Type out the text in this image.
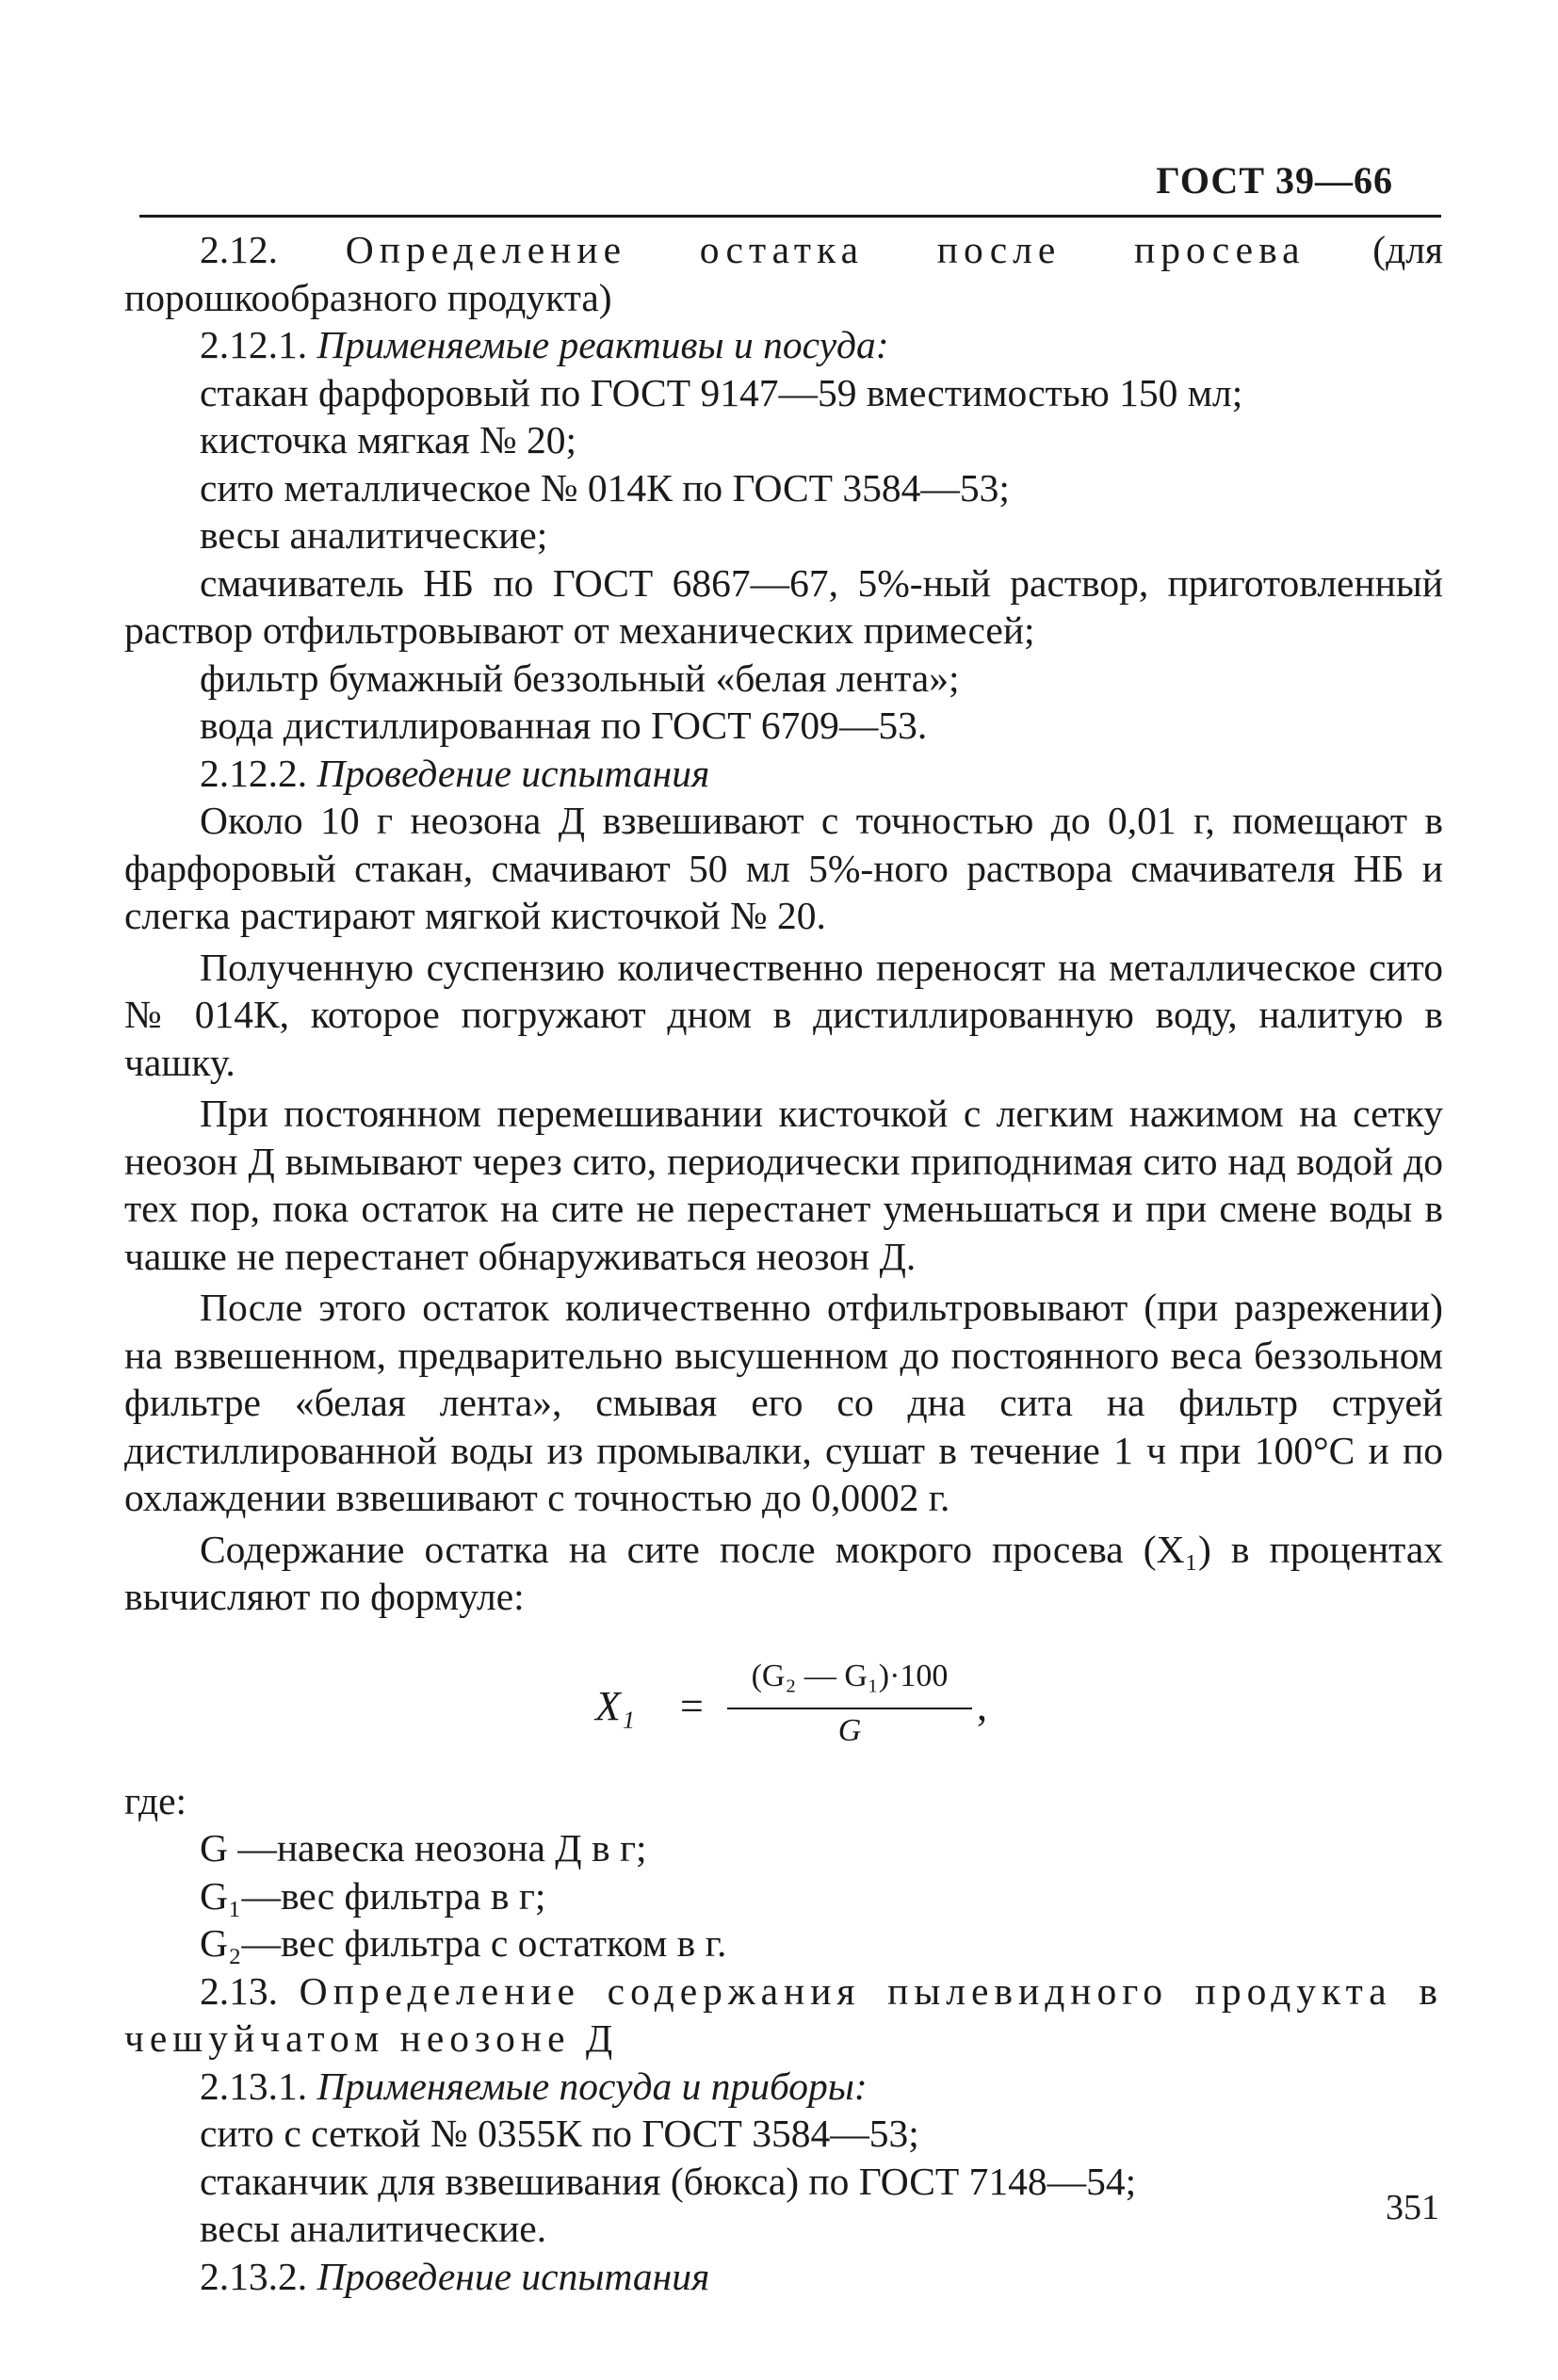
ГОСТ 39—66

2.12. Определение остатка после просева (для порошкообразного продукта)

2.12.1. Применяемые реактивы и посуда:

стакан фарфоровый по ГОСТ 9147—59 вместимостью 150 мл;

кисточка мягкая № 20;

сито металлическое № 014К по ГОСТ 3584—53;

весы аналитические;

смачиватель НБ по ГОСТ 6867—67, 5%-ный раствор, приготовленный раствор отфильтровывают от механических примесей;

фильтр бумажный беззольный «белая лента»;

вода дистиллированная по ГОСТ 6709—53.

2.12.2. Проведение испытания

Около 10 г неозона Д взвешивают с точностью до 0,01 г, помещают в фарфоровый стакан, смачивают 50 мл 5%-ного раствора смачивателя НБ и слегка растирают мягкой кисточкой № 20.

Полученную суспензию количественно переносят на металлическое сито № 014К, которое погружают дном в дистиллированную воду, налитую в чашку.

При постоянном перемешивании кисточкой с легким нажимом на сетку неозон Д вымывают через сито, периодически приподнимая сито над водой до тех пор, пока остаток на сите не перестанет уменьшаться и при смене воды в чашке не перестанет обнаруживаться неозон Д.

После этого остаток количественно отфильтровывают (при разрежении) на взвешенном, предварительно высушенном до постоянного веса беззольном фильтре «белая лента», смывая его со дна сита на фильтр струей дистиллированной воды из промывалки, сушат в течение 1 ч при 100°С и по охлаждении взвешивают с точностью до 0,0002 г.

Содержание остатка на сите после мокрого просева (X₁) в процентах вычисляют по формуле:

X₁ =
(G₂ — G₁)·100
G
,

где:

G —навеска неозона Д в г;

G₁—вес фильтра в г;

G₂—вес фильтра с остатком в г.

2.13. Определение содержания пылевидного продукта в чешуйчатом неозоне Д

2.13.1. Применяемые посуда и приборы:

сито с сеткой № 0355К по ГОСТ 3584—53;

стаканчик для взвешивания (бюкса) по ГОСТ 7148—54;

весы аналитические.

2.13.2. Проведение испытания

351
